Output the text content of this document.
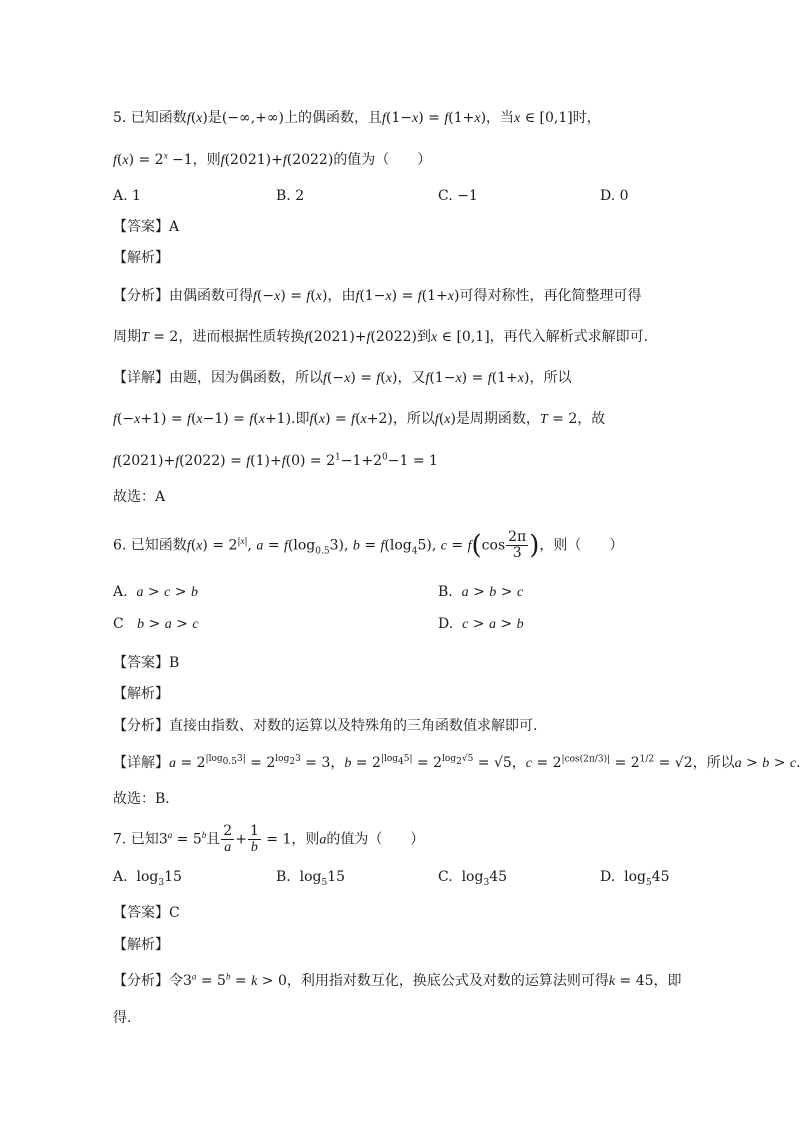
5. 已知函数f(x)是(−∞,+∞)上的偶函数，且f(1−x) = f(1+x)，当x ∈ [0,1]时，
$f(x) = 2^x -1$，则f(2021)+f(2022)的值为（　　）
A. 1	B. 2	C. −1	D. 0
【答案】A
【解析】
【分析】由偶函数可得f(−x) = f(x)，由f(1−x) = f(1+x)可得对称性，再化简整理可得
周期T = 2，进而根据性质转换f(2021)+f(2022)到x ∈ [0,1]，再代入解析式求解即可.
【详解】由题，因为偶函数，所以f(−x) = f(x)，又f(1−x) = f(1+x)，所以
f(−x+1) = f(x−1) = f(x+1).即f(x) = f(x+2)，所以f(x)是周期函数，T = 2，故
$f(2021)+f(2022) = f(1)+f(0) = 2^1-1+2^0-1 = 1$
故选：A
6. 已知函数$f(x) = 2^{|x|}$, $a = f(\log_{0.5}3)$, $b = f(\log_45)$, $c = f(\cos \frac{2\pi}{3}$ )，则（　　）
A. a > c > b	B. a > b > c
C b > a > c	D. c > a > b
【答案】B
【解析】
【分析】直接由指数、对数的运算以及特殊角的三角函数值求解即可.
【详解】$a = 2^{|log_{0.5}3|} = 2^{log_23} = 3$，$b = 2^{|log_45|} = 2^{log_2√5} = √5$，$c = 2^{|cos(2\pi/3)|} = 2^{1/2} = √2$，所以a > b > c.
故选：B．
7. 已知$3^a = 5^b$且 $\frac{2}{a} + \frac{1}{b} = 1$，则a的值为（　　）
A.  $\log_315$	B.  $\log_515$	C.  $\log_345$	D.  $\log_545$
【答案】C
【解析】
【分析】令$3^a = 5^b = k > 0$，利用指对数互化，换底公式及对数的运算法则可得k = 45，即
得.
